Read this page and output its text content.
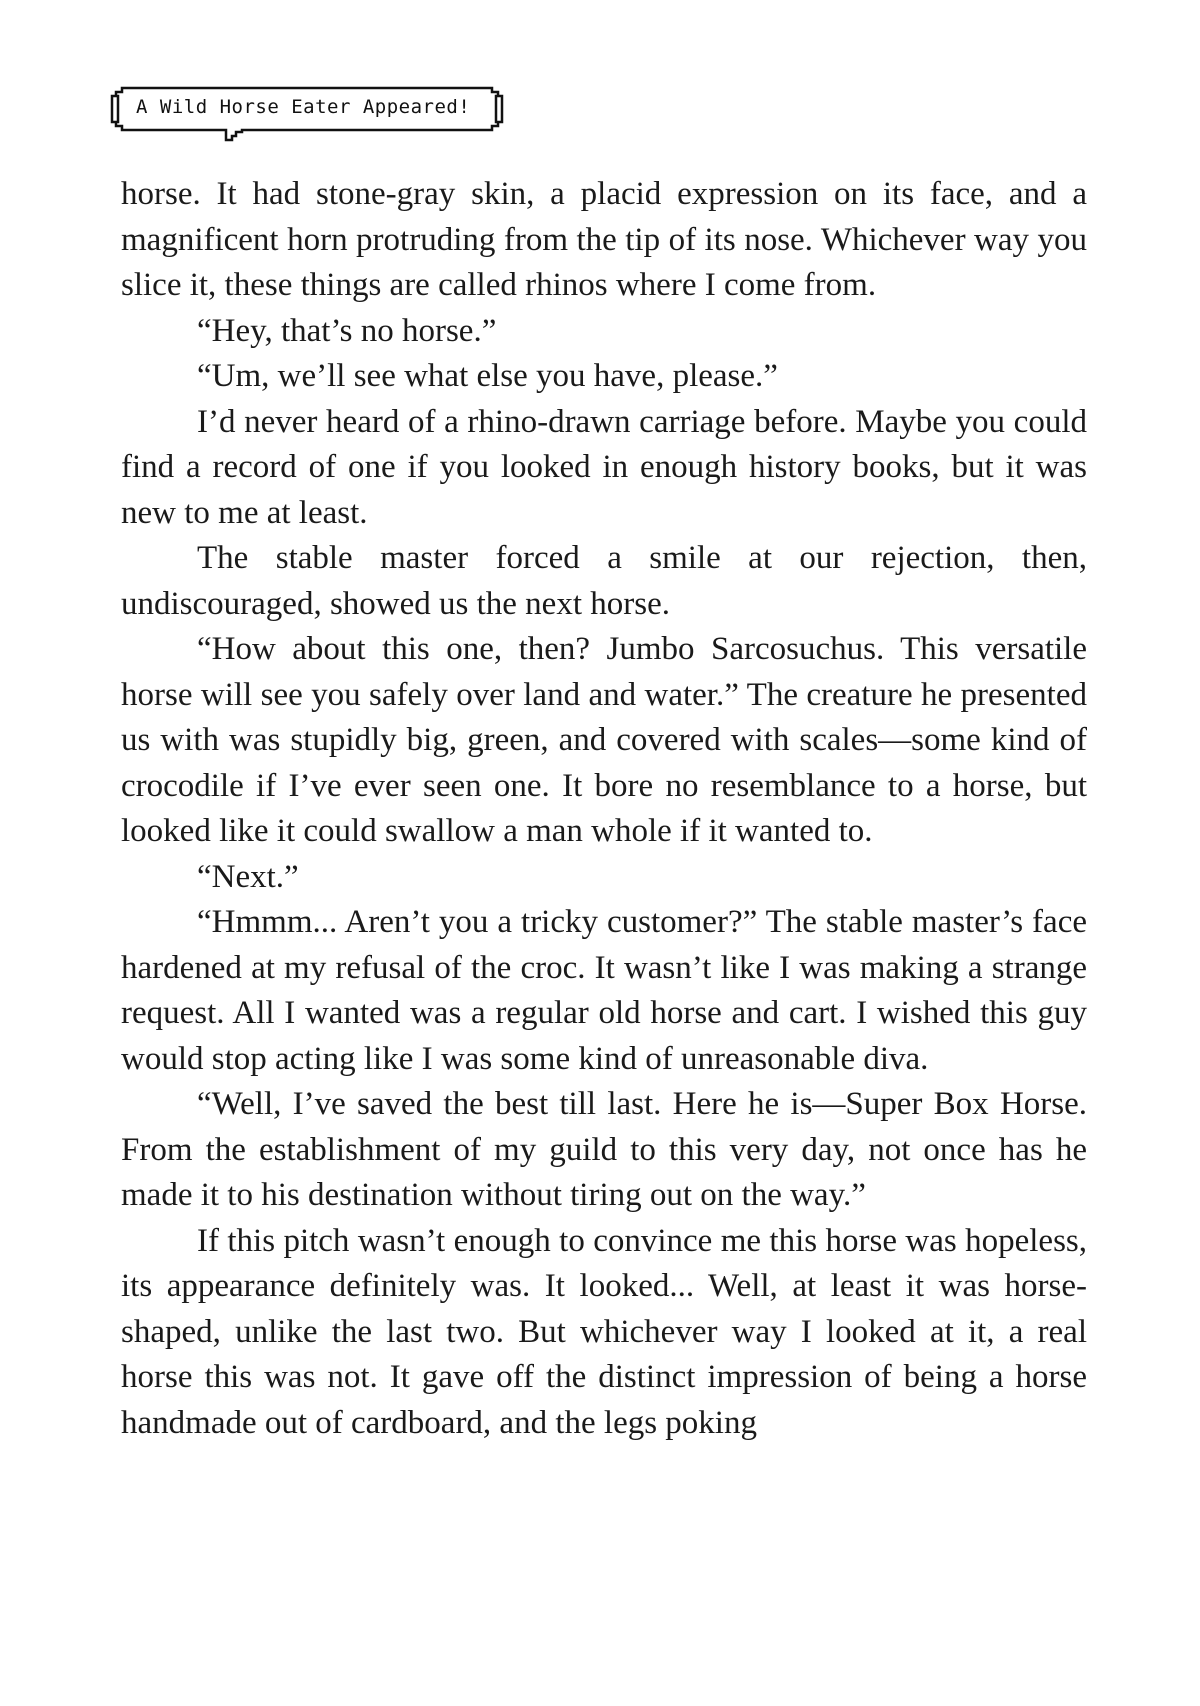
A Wild Horse Eater Appeared!

horse. It had stone-gray skin, a placid expression on its face, and a magnificent horn protruding from the tip of its nose. Whichever way you slice it, these things are called rhinos where I come from.

“Hey, that’s no horse.”

“Um, we’ll see what else you have, please.”

I’d never heard of a rhino-drawn carriage before. Maybe you could find a record of one if you looked in enough history books, but it was new to me at least.

The stable master forced a smile at our rejection, then, undiscouraged, showed us the next horse.

“How about this one, then? Jumbo Sarcosuchus. This versatile horse will see you safely over land and water.” The creature he presented us with was stupidly big, green, and covered with scales—some kind of crocodile if I’ve ever seen one. It bore no resemblance to a horse, but looked like it could swallow a man whole if it wanted to.

“Next.”

“Hmmm... Aren’t you a tricky customer?” The stable master’s face hardened at my refusal of the croc. It wasn’t like I was making a strange request. All I wanted was a regular old horse and cart. I wished this guy would stop acting like I was some kind of unreasonable diva.

“Well, I’ve saved the best till last. Here he is—Super Box Horse. From the establishment of my guild to this very day, not once has he made it to his destination without tiring out on the way.”

If this pitch wasn’t enough to convince me this horse was hopeless, its appearance definitely was. It looked... Well, at least it was horse-shaped, unlike the last two. But whichever way I looked at it, a real horse this was not. It gave off the distinct impression of being a horse handmade out of cardboard, and the legs poking
